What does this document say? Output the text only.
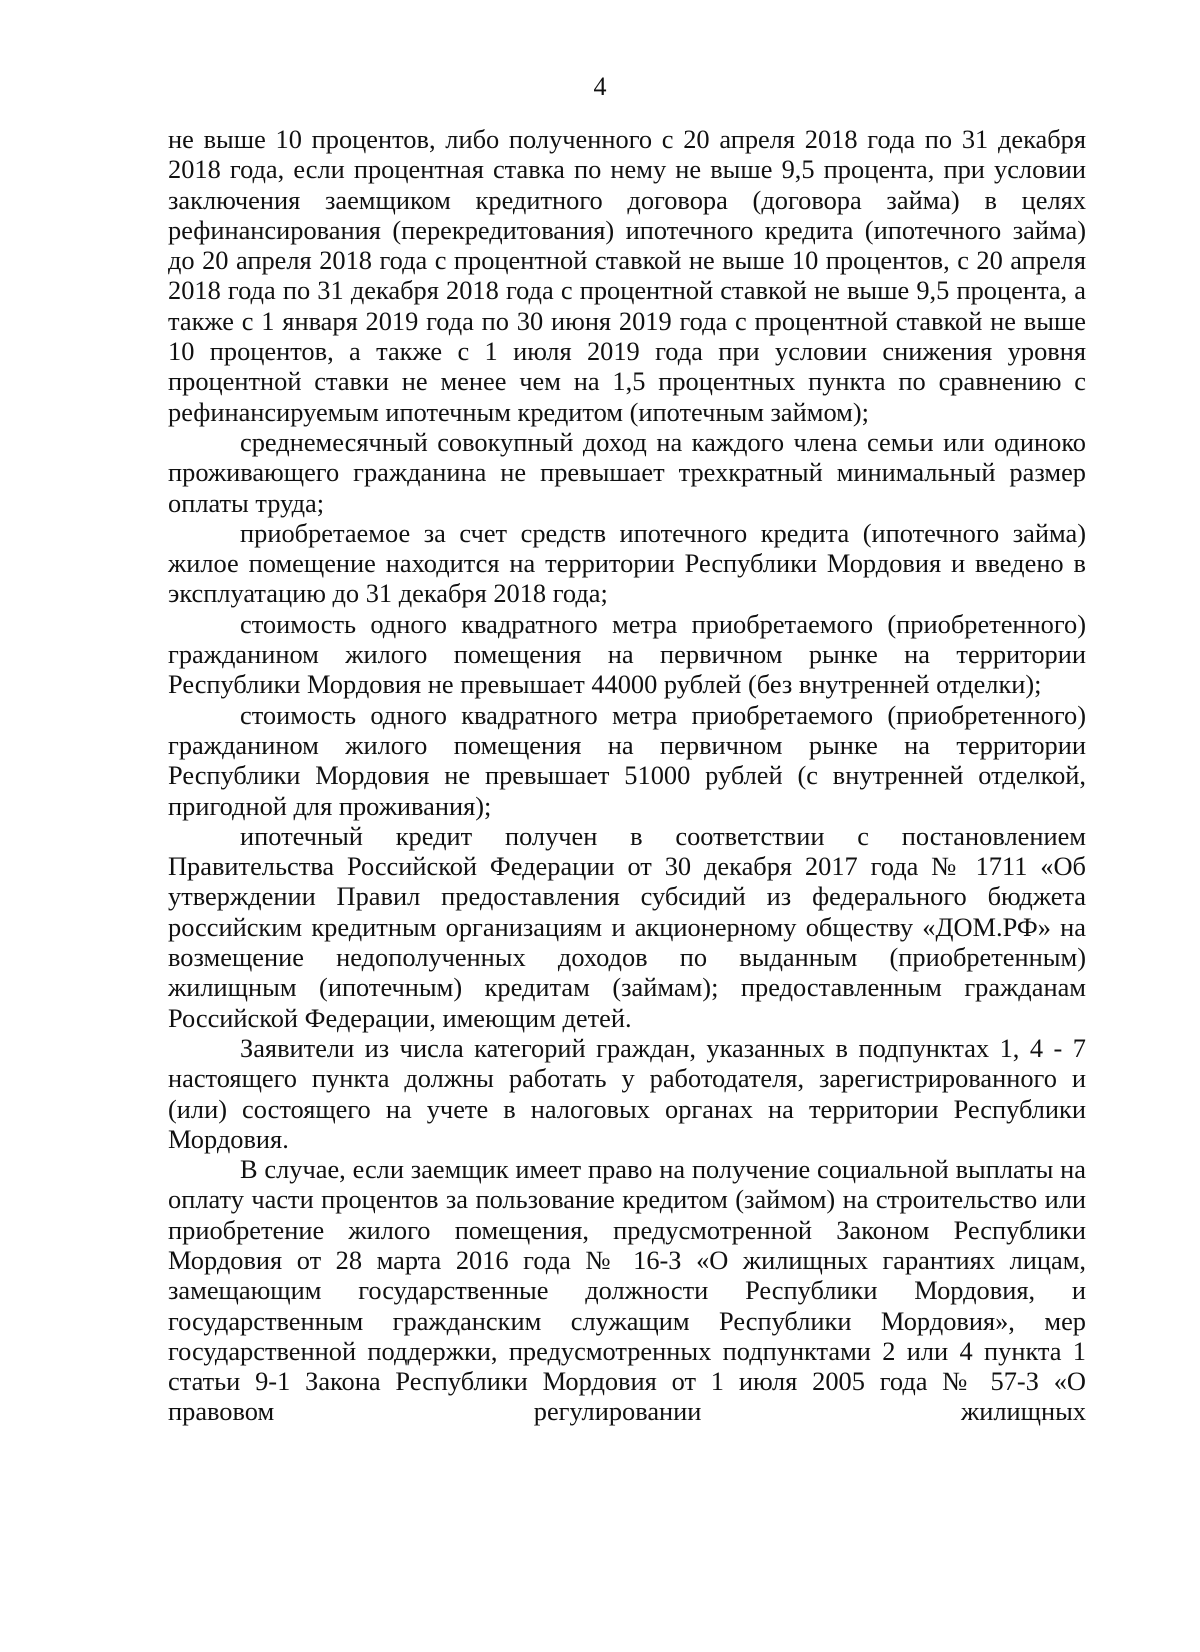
4

не выше 10 процентов, либо полученного с 20 апреля 2018 года по 31 декабря 2018 года, если процентная ставка по нему не выше 9,5 процента, при условии заключения заемщиком кредитного договора (договора займа) в целях рефинансирования (перекредитования) ипотечного кредита (ипотечного займа) до 20 апреля 2018 года с процентной ставкой не выше 10 процентов, с 20 апреля 2018 года по 31 декабря 2018 года с процентной ставкой не выше 9,5 процента, а также с 1 января 2019 года по 30 июня 2019 года с процентной ставкой не выше 10 процентов, а также с 1 июля 2019 года при условии снижения уровня процентной ставки не менее чем на 1,5 процентных пункта по сравнению с рефинансируемым ипотечным кредитом (ипотечным займом);

среднемесячный совокупный доход на каждого члена семьи или одиноко проживающего гражданина не превышает трехкратный минимальный размер оплаты труда;

приобретаемое за счет средств ипотечного кредита (ипотечного займа) жилое помещение находится на территории Республики Мордовия и введено в эксплуатацию до 31 декабря 2018 года;

стоимость одного квадратного метра приобретаемого (приобретенного) гражданином жилого помещения на первичном рынке на территории Республики Мордовия не превышает 44000 рублей (без внутренней отделки);

стоимость одного квадратного метра приобретаемого (приобретенного) гражданином жилого помещения на первичном рынке на территории Республики Мордовия не превышает 51000 рублей (с внутренней отделкой, пригодной для проживания);

ипотечный кредит получен в соответствии с постановлением Правительства Российской Федерации от 30 декабря 2017 года № 1711 «Об утверждении Правил предоставления субсидий из федерального бюджета российским кредитным организациям и акционерному обществу «ДОМ.РФ» на возмещение недополученных доходов по выданным (приобретенным) жилищным (ипотечным) кредитам (займам); предоставленным гражданам Российской Федерации, имеющим детей.

Заявители из числа категорий граждан, указанных в подпунктах 1, 4 - 7 настоящего пункта должны работать у работодателя, зарегистрированного и (или) состоящего на учете в налоговых органах на территории Республики Мордовия.

В случае, если заемщик имеет право на получение социальной выплаты на оплату части процентов за пользование кредитом (займом) на строительство или приобретение жилого помещения, предусмотренной Законом Республики Мордовия от 28 марта 2016 года № 16-З «О жилищных гарантиях лицам, замещающим государственные должности Республики Мордовия, и государственным гражданским служащим Республики Мордовия», мер государственной поддержки, предусмотренных подпунктами 2 или 4 пункта 1 статьи 9-1 Закона Республики Мордовия от 1 июля 2005 года № 57-З «О правовом регулировании жилищных
